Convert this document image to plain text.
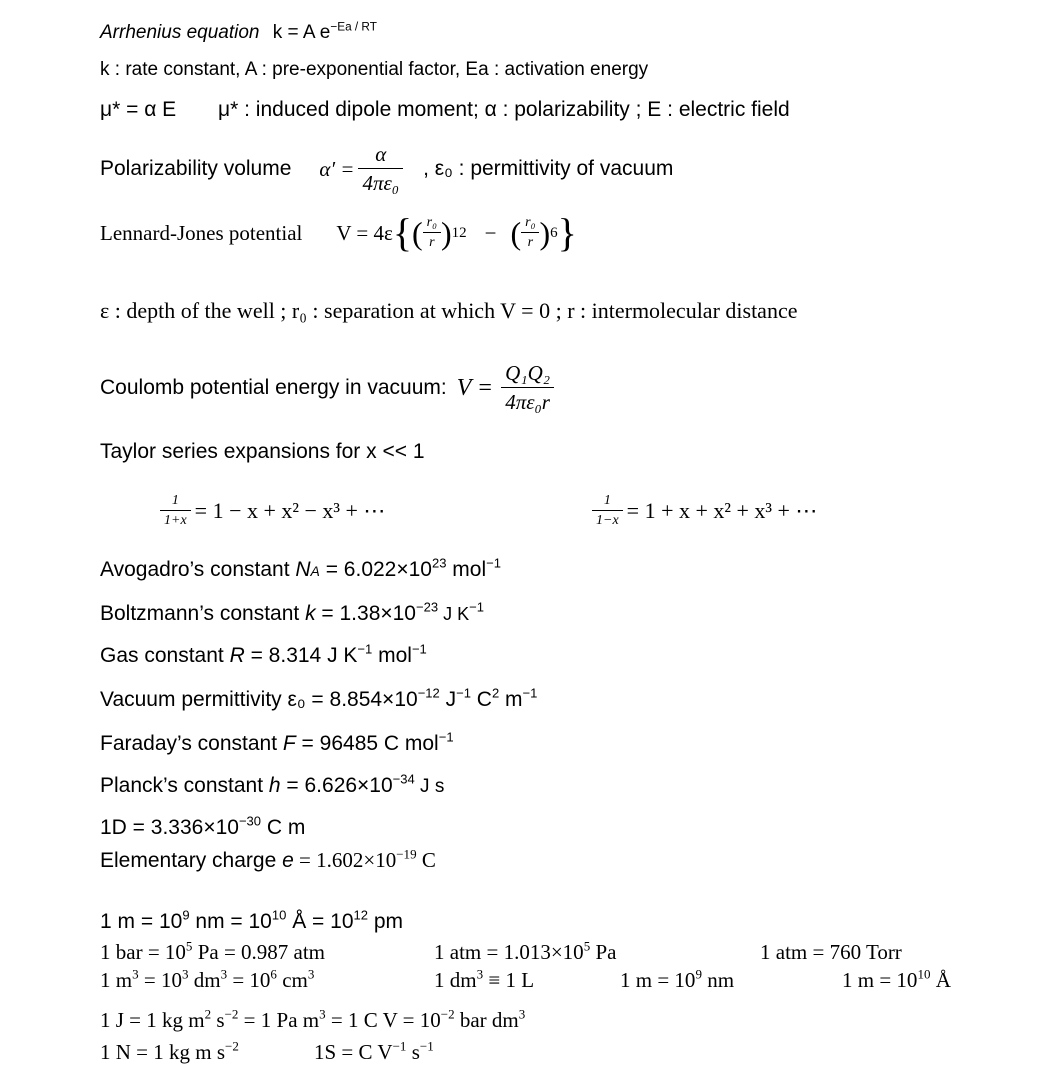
Arrhenius equation k = A $e^{-Ea / RT}$
k : rate constant, A : pre-exponential factor, Ea : activation energy
μ* = α E μ* : induced dipole moment; α : polarizability ; E : electric field
Polarizability volume $\alpha' = \frac{\alpha}{\text{4πε₀}}$ , ε₀ : permittivity of vacuum
Lennard-Jones potential V = 4ε { ( $\frac{\text{r₀}}{r}$ ) 12 − ( $\frac{\text{r₀}}{r}$ ) 6 }
ε : depth of the well ; r₀ : separation at which V = 0 ; r : intermolecular distance
Coulomb potential energy in vacuum: $V = \frac{\text{Q₁Q₂}}{\text{4πε₀r}}$
Taylor series expansions for x << 1
$\frac{1}{1+x} = 1 - x + x^2 - x^3$ + ⋯	$\frac{1}{1-x} = 1 + x + x^2 + x^3$ + ⋯
Avogadro’s constant NA = $6.022\times 10^{23}$ mol$^{-1}$
Boltzmann’s constant $k = 1.38\times 10^{-23}$ J $K^{-1}$
Gas constant R = 8.314 J $K^{-1}$ mol$^{-1}$
Vacuum permittivity $\varepsilon_0 = 8.854\times 10^{-12}$ $J^{-1}$ $C^2$ $m^{-1}$
Faraday’s constant F = 96485 C mol$^{-1}$
Planck’s constant $h = 6.626\times 10^{-34}$ J s
$1D = 3.336\times 10^{-30}$ C m
Elementary charge $e = 1.602\times 10^{-19}$ C
1 $m = 10^9$ nm = $10^{10}$ Å = $10^{12}$ pm
1 bar = $10^5$ Pa = 0.987 atm	1 atm = $1.013\times 10^5$ Pa	1 atm = 760 Torr
1 $m^3 = 10^3$ $dm^3 = 10^6$ $cm^3$	1 $dm^3 \equiv 1$ L	1 $m = 10^9$ nm	1 $m = 10^{10}$ Å
1 J = 1 kg $m^2$ $s^{-2} = 1$ Pa $m^3 = 1$ C $V = 10^{-2}$ bar $dm^3$
1 N = 1 kg m $s^{-2}$	1S = C $V^{-1}$ $s^{-1}$
